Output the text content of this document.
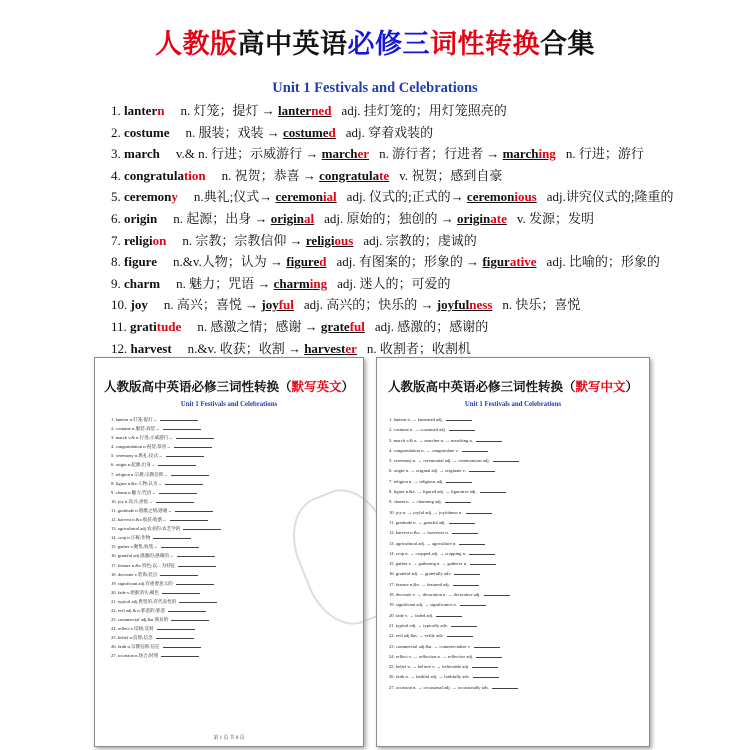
人教版高中英语必修三词性转换合集
Unit 1 Festivals and Celebrations
1. lantern n. 灯笼；提灯 → lanterned adj. 挂灯笼的；用灯笼照亮的
2. costume n. 服装；戏装 → costumed adj. 穿着戏装的
3. march v.& n. 行进；示威游行 → marcher n. 游行者；行进者 → marching n. 行进；游行
4. congratulation n. 祝贺；恭喜 → congratulate v. 祝贺；感到自豪
5. ceremony n.典礼;仪式→ ceremonial adj. 仪式的;正式的→ ceremonious adj.讲究仪式的;隆重的
6. origin n. 起源；出身 → original adj. 原始的；独创的 → originate v. 发源；发明
7. religion n. 宗教；宗教信仰 → religious adj. 宗教的；虔诚的
8. figure n.&v.人物；认为 → figured adj. 有图案的；形象的 → figurative adj. 比喻的；形象的
9. charm n. 魅力；咒语 → charming adj. 迷人的；可爱的
10. joy n. 高兴；喜悦 → joyful adj. 高兴的；快乐的 → joyfulness n. 快乐；喜悦
11. gratitude n. 感激之情；感谢 → grateful adj. 感激的；感谢的
12. harvest n.&v. 收获；收割 → harvester n. 收割者；收割机
人教版高中英语必修三词性转换（默写英文）
Unit 1 Festivals and Celebrations
1. lantern n.灯笼;提灯→
2. costume n.服装;戏装→
3. march v.& n.行进;示威游行→
4. congratulation n.祝贺;恭喜→
5. ceremony n.典礼;仪式→
6. origin n.起源;出身→
7. religion n.宗教;宗教信仰→
8. figure n.&v.人物;认为→
9. charm n.魅力;咒语→
10. joy n.高兴;喜悦→
11. gratitude n.感激之情;感谢→
12. harvest n.&v.收获;收割→
13. agricultural adj.农业的;农艺学的
14. crop n.庄稼;作物
15. gather v.聚集;收集→
16. grateful adj.感激的;感谢的→
17. feature n.&v.特色;以…为特征
18. decorate v.装饰;装点
19. significant adj.有重要意义的
20. fade v.逐渐消失;褪色
21. typical adj.典型的;有代表性的
22. evil adj.& n.邪恶的;邪恶
23. commercial adj.&n.商业的
24. reflect v.反映;反射
25. belief n.信仰;信念
26. faith n.宗教信仰;信任
27. occasion n.场合;时刻
第 1 页 共 8 页
人教版高中英语必修三词性转换（默写中文）
Unit 1 Festivals and Celebrations
1. lantern n. → lanterned adj.
2. costume n. → costumed adj.
3. march v.& n. → marcher n. → marching n.
4. congratulation n. → congratulate v.
5. ceremony n. → ceremonial adj. → ceremonious adj.
6. origin n. → original adj. → originate v.
7. religion n. → religious adj.
8. figure n.&v. → figured adj. → figurative adj.
9. charm n. → charming adj.
10. joy n. → joyful adj. → joyfulness n.
11. gratitude n. → grateful adj.
12. harvest n.&v. → harvester n.
13. agricultural adj. → agriculture n.
14. crop n. → cropped adj. → cropping n.
15. gather v. → gathering n. → gatherer n.
16. grateful adj. → gratefully adv.
17. feature n.&v. → featured adj.
18. decorate v. → decoration n. → decorative adj.
19. significant adj. → significance n.
20. fade v. → faded adj.
21. typical adj. → typically adv.
22. evil adj.&n. → evilly adv.
23. commercial adj.&n. → commercialize v.
24. reflect v. → reflection n. → reflective adj.
25. belief n. → believe v. → believable adj.
26. faith n. → faithful adj. → faithfully adv.
27. occasion n. → occasional adj. → occasionally adv.
